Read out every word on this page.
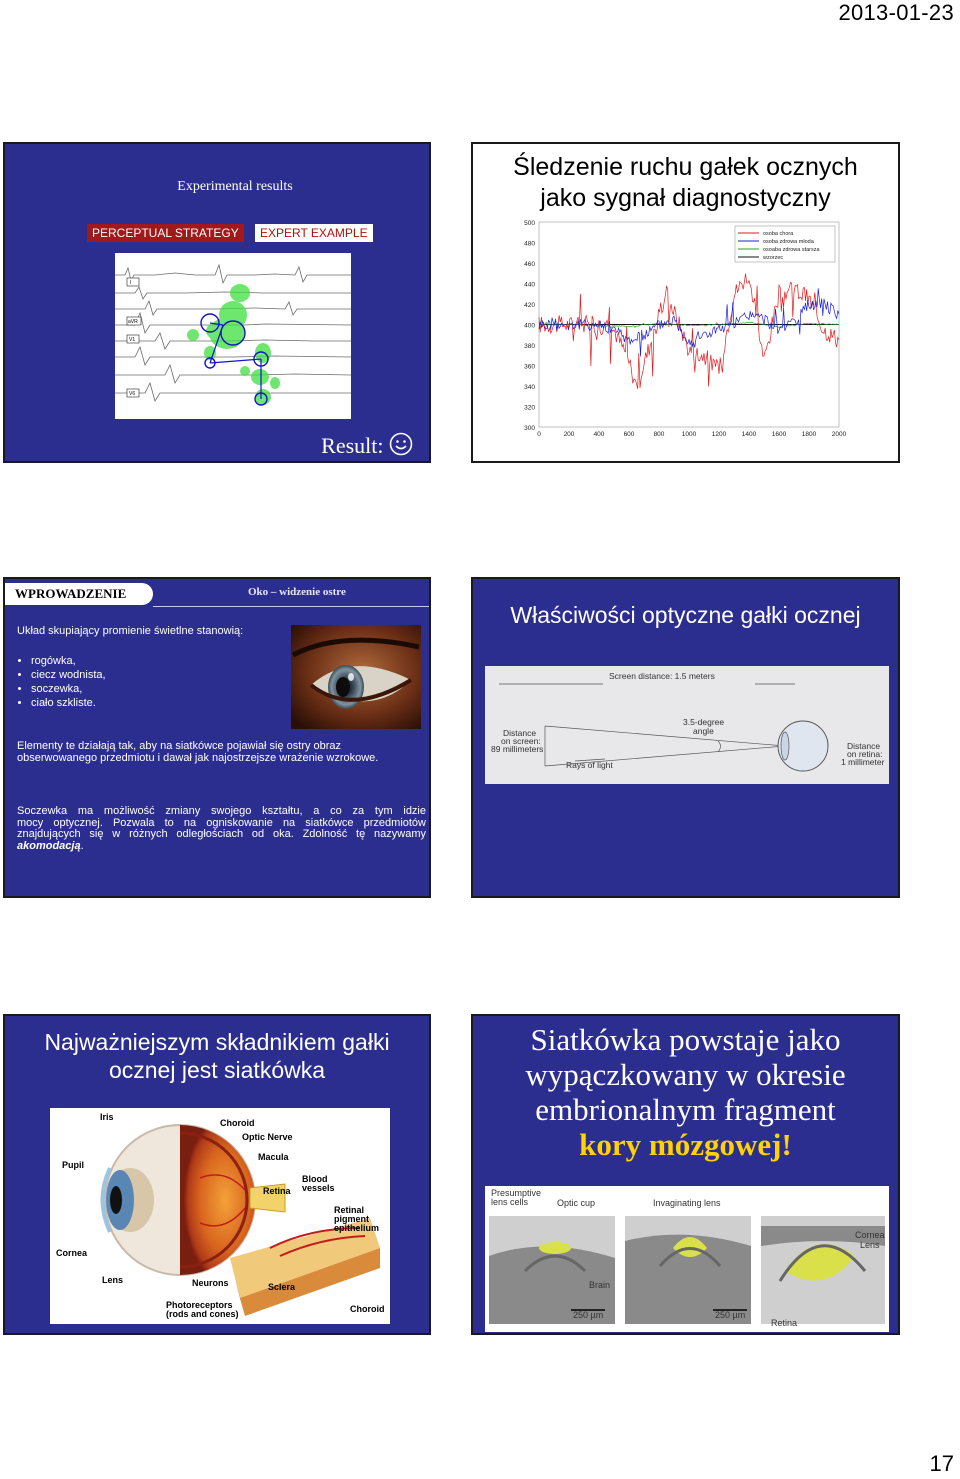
2013-01-23
17
Experimental results
PERCEPTUAL STRATEGY	EXPERT EXAMPLE
I
aVR
V1
V6
Result:
Śledzenie ruchu gałek ocznych
jako sygnał diagnostyczny
500
480
460
440
420
400
380
360
340
320
300
0	200	400	600	800	1000 1200 1400 1600 1800 2000
osoba chora
osoba zdrowa młoda
osoaba zdrowa starsza
wzorzec
WPROWADZENIE	Oko – widzenie ostre
Układ skupiający promienie świetlne stanowią:
• rogówka,
• ciecz wodnista,
• soczewka,
• ciało szkliste.
Elementy te działają tak, aby na siatkówce pojawiał się ostry obraz
obserwowanego przedmiotu i dawał jak najostrzejsze wrażenie wzrokowe.
Soczewka ma możliwość zmiany swojego kształtu, a co za tym idzie
mocy optycznej. Pozwala to na ogniskowanie na siatkówce przedmiotów
znajdujących się w różnych odległościach od oka. Zdolność tę nazywamy
akomodacją.
Właściwości optyczne gałki ocznej
Screen distance: 1.5 meters
3.5-degree
angle
Distance
on screen:
89 millimeters
Rays of light
Distance
on retina:
1 millimeter
Najważniejszym składnikiem gałki
ocznej jest siatkówka
Iris
Choroid
Optic Nerve
Pupil
Macula
Blood
vessels
Retina
Retinal
pigment
epithelium
Cornea
Lens	Neurons	Sclera
Photoreceptors
(rods and cones)	Choroid
Siatkówka powstaje jako
wypączkowany w okresie
embrionalnym fragment
kory mózgowej!
Presumptive
lens cells	Optic cup	Invaginating lens
Cornea
Lens
Brain
250 µm	250 µm
Retina
